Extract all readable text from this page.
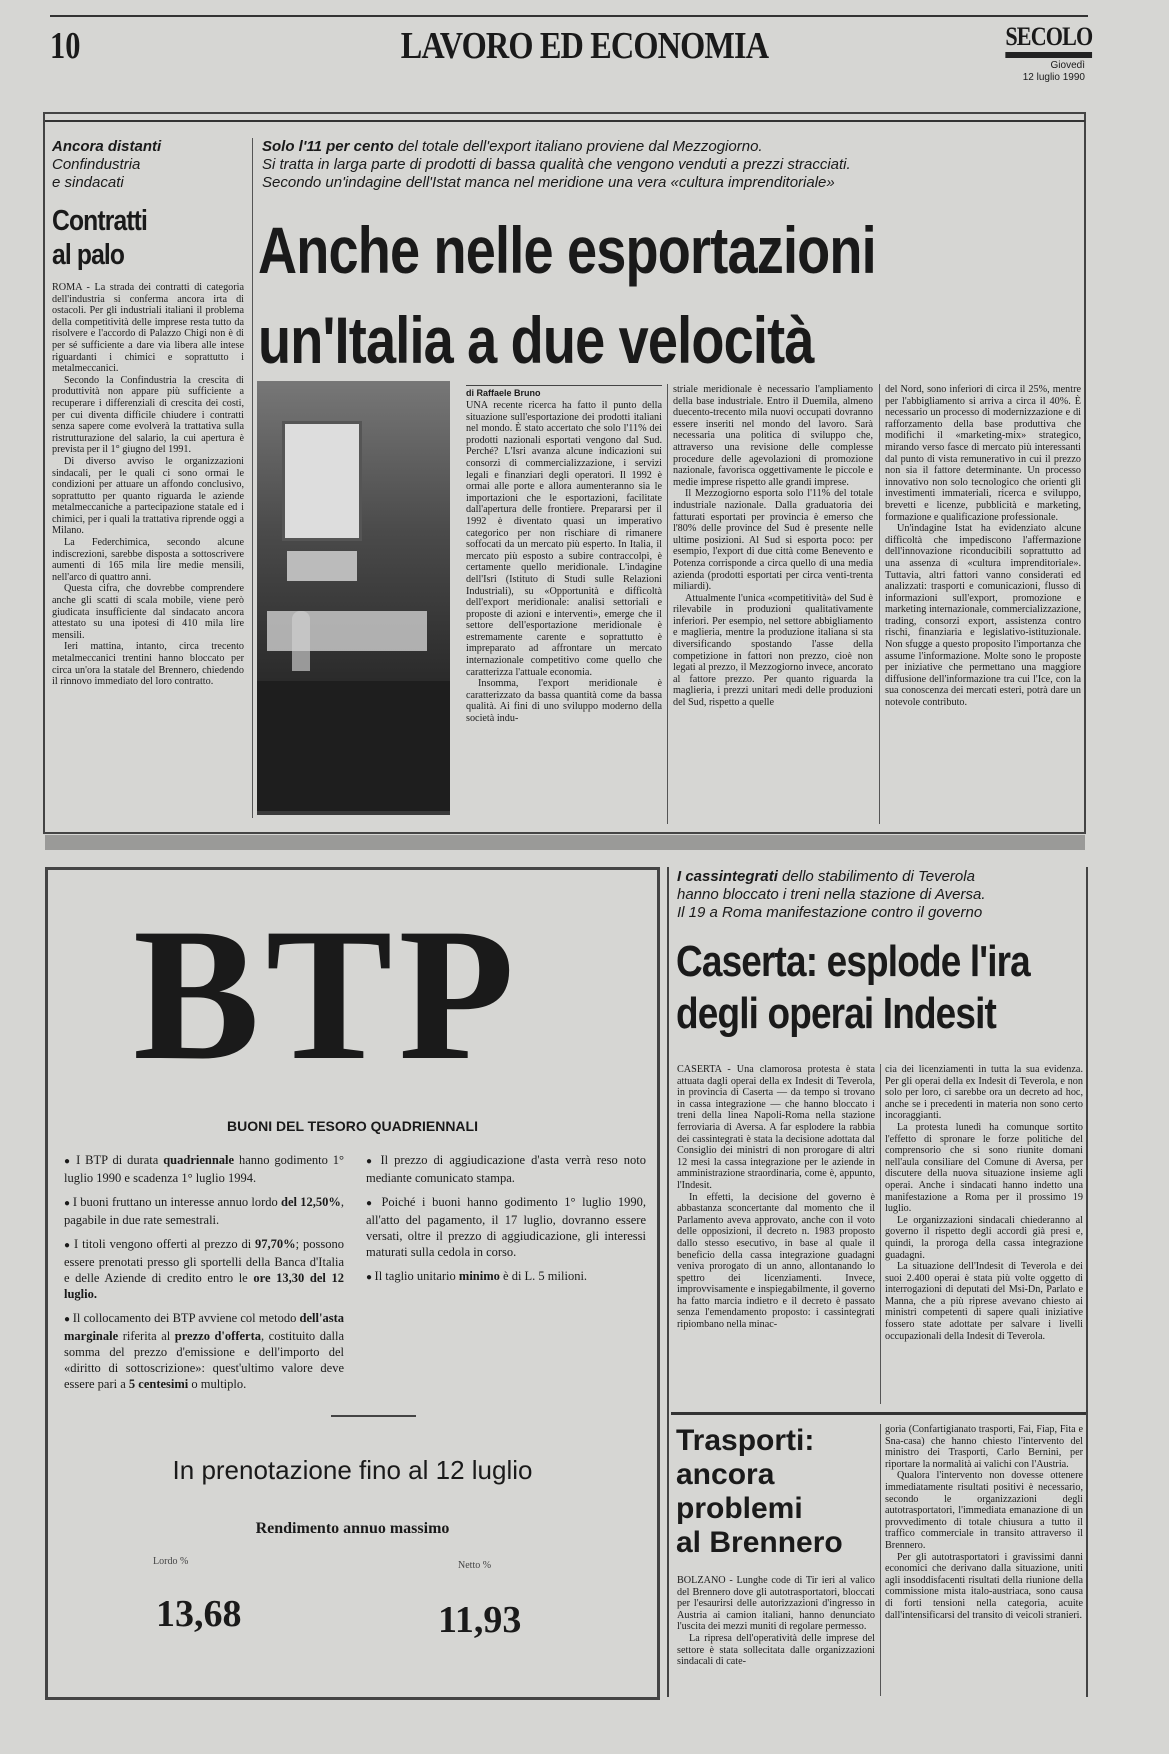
10	LAVORO ED ECONOMIA	SECOLO
Giovedì
12 luglio 1990
Ancora distanti
Confindustria
e sindacati
Contratti
al palo

ROMA - La strada dei contratti di categoria dell'industria si conferma ancora irta di ostacoli. Per gli industriali italiani il problema della competitività delle imprese resta tutto da risolvere e l'accordo di Palazzo Chigi non è di per sé sufficiente a dare via libera alle intese riguardanti i chimici e soprattutto i metalmeccanici.

Secondo la Confindustria la crescita di produttività non appare più sufficiente a recuperare i differenziali di crescita dei costi, per cui diventa difficile chiudere i contratti senza sapere come evolverà la trattativa sulla ristrutturazione del salario, la cui apertura è prevista per il 1° giugno del 1991.

Di diverso avviso le organizzazioni sindacali, per le quali ci sono ormai le condizioni per attuare un affondo conclusivo, soprattutto per quanto riguarda le aziende metalmeccaniche a partecipazione statale ed i chimici, per i quali la trattativa riprende oggi a Milano.

La Federchimica, secondo alcune indiscrezioni, sarebbe disposta a sottoscrivere aumenti di 165 mila lire medie mensili, nell'arco di quattro anni.

Questa cifra, che dovrebbe comprendere anche gli scatti di scala mobile, viene però giudicata insufficiente dal sindacato ancora attestato su una ipotesi di 410 mila lire mensili.

Ieri mattina, intanto, circa trecento metalmeccanici trentini hanno bloccato per circa un'ora la statale del Brennero, chiedendo il rinnovo immediato del loro contratto.

Solo l'11 per cento del totale dell'export italiano proviene dal Mezzogiorno.
Si tratta in larga parte di prodotti di bassa qualità che vengono venduti a prezzi stracciati.
Secondo un'indagine dell'Istat manca nel meridione una vera «cultura imprenditoriale»
Anche nelle esportazioni
un'Italia a due velocità
di Raffaele Bruno

UNA recente ricerca ha fatto il punto della situazione sull'esportazione dei prodotti italiani nel mondo. È stato accertato che solo l'11% dei prodotti nazionali esportati vengono dal Sud. Perché? L'Isri avanza alcune indicazioni sui consorzi di commercializzazione, i servizi legali e finanziari degli operatori. Il 1992 è ormai alle porte e allora aumenteranno sia le importazioni che le esportazioni, facilitate dall'apertura delle frontiere. Prepararsi per il 1992 è diventato quasi un imperativo categorico per non rischiare di rimanere soffocati da un mercato più esperto. In Italia, il mercato più esposto a subire contraccolpi, è certamente quello meridionale. L'indagine dell'Isri (Istituto di Studi sulle Relazioni Industriali), su «Opportunità e difficoltà dell'export meridionale: analisi settoriali e proposte di azioni e interventi», emerge che il settore dell'esportazione meridionale è estremamente carente e soprattutto è impreparato ad affrontare un mercato internazionale competitivo come quello che caratterizza l'attuale economia.

Insomma, l'export meridionale è caratterizzato da bassa quantità come da bassa qualità. Ai fini di uno sviluppo moderno della società indu-

striale meridionale è necessario l'ampliamento della base industriale. Entro il Duemila, almeno duecento-trecento mila nuovi occupati dovranno essere inseriti nel mondo del lavoro. Sarà necessaria una politica di sviluppo che, attraverso una revisione delle complesse procedure delle agevolazioni di promozione nazionale, favorisca oggettivamente le piccole e medie imprese rispetto alle grandi imprese.

Il Mezzogiorno esporta solo l'11% del totale industriale nazionale. Dalla graduatoria dei fatturati esportati per provincia è emerso che l'80% delle province del Sud è presente nelle ultime posizioni. Al Sud si esporta poco: per esempio, l'export di due città come Benevento e Potenza corrisponde a circa quello di una media azienda (prodotti esportati per circa venti-trenta miliardi).

Attualmente l'unica «competitività» del Sud è rilevabile in produzioni qualitativamente inferiori. Per esempio, nel settore abbigliamento e maglieria, mentre la produzione italiana si sta diversificando spostando l'asse della competizione in fattori non prezzo, cioè non legati al prezzo, il Mezzogiorno invece, ancorato al fattore prezzo. Per quanto riguarda la maglieria, i prezzi unitari medi delle produzioni del Sud, rispetto a quelle

del Nord, sono inferiori di circa il 25%, mentre per l'abbigliamento si arriva a circa il 40%. È necessario un processo di modernizzazione e di rafforzamento della base produttiva che modifichi il «marketing-mix» strategico, mirando verso fasce di mercato più interessanti dal punto di vista remunerativo in cui il prezzo non sia il fattore determinante. Un processo innovativo non solo tecnologico che orienti gli investimenti immateriali, ricerca e sviluppo, brevetti e licenze, pubblicità e marketing, formazione e qualificazione professionale.

Un'indagine Istat ha evidenziato alcune difficoltà che impediscono l'affermazione dell'innovazione riconducibili soprattutto ad una assenza di «cultura imprenditoriale». Tuttavia, altri fattori vanno considerati ed analizzati: trasporti e comunicazioni, flusso di informazioni sull'export, promozione e marketing internazionale, commercializzazione, trading, consorzi export, assistenza contro rischi, finanziaria e legislativo-istituzionale. Non sfugge a questo proposito l'importanza che assume l'informazione. Molte sono le proposte per iniziative che permettano una maggiore diffusione dell'informazione tra cui l'Ice, con la sua conoscenza dei mercati esteri, potrà dare un notevole contributo.

BTP
BUONI DEL TESORO QUADRIENNALI
● I BTP di durata quadriennale hanno godimento 1° luglio 1990 e scadenza 1° luglio 1994.
● I buoni fruttano un interesse annuo lordo del 12,50%, pagabile in due rate semestrali.
● I titoli vengono offerti al prezzo di 97,70%; possono essere prenotati presso gli sportelli della Banca d'Italia e delle Aziende di credito entro le ore 13,30 del 12 luglio.
● Il collocamento dei BTP avviene col metodo dell'asta marginale riferita al prezzo d'offerta, costituito dalla somma del prezzo d'emissione e dell'importo del «diritto di sottoscrizione»: quest'ultimo valore deve essere pari a 5 centesimi o multiplo.
● Il prezzo di aggiudicazione d'asta verrà reso noto mediante comunicato stampa.
● Poiché i buoni hanno godimento 1° luglio 1990, all'atto del pagamento, il 17 luglio, dovranno essere versati, oltre il prezzo di aggiudicazione, gli interessi maturati sulla cedola in corso.
● Il taglio unitario minimo è di L. 5 milioni.
In prenotazione fino al 12 luglio
Rendimento annuo massimo
Lordo %	Netto %
13,68	11,93
I cassintegrati dello stabilimento di Teverola
hanno bloccato i treni nella stazione di Aversa.
Il 19 a Roma manifestazione contro il governo
Caserta: esplode l'ira
degli operai Indesit

CASERTA - Una clamorosa protesta è stata attuata dagli operai della ex Indesit di Teverola, in provincia di Caserta — da tempo si trovano in cassa integrazione — che hanno bloccato i treni della linea Napoli-Roma nella stazione ferroviaria di Aversa. A far esplodere la rabbia dei cassintegrati è stata la decisione adottata dal Consiglio dei ministri di non prorogare di altri 12 mesi la cassa integrazione per le aziende in amministrazione straordinaria, come è, appunto, l'Indesit.

In effetti, la decisione del governo è abbastanza sconcertante dal momento che il Parlamento aveva approvato, anche con il voto delle opposizioni, il decreto n. 1983 proposto dallo stesso esecutivo, in base al quale il beneficio della cassa integrazione guadagni veniva prorogato di un anno, allontanando lo spettro dei licenziamenti. Invece, improvvisamente e inspiegabilmente, il governo ha fatto marcia indietro e il decreto è passato senza l'emendamento proposto: i cassintegrati ripiombano nella minac-

cia dei licenziamenti in tutta la sua evidenza. Per gli operai della ex Indesit di Teverola, e non solo per loro, ci sarebbe ora un decreto ad hoc, anche se i precedenti in materia non sono certo incoraggianti.

La protesta lunedì ha comunque sortito l'effetto di spronare le forze politiche del comprensorio che si sono riunite domani nell'aula consiliare del Comune di Aversa, per discutere della nuova situazione insieme agli operai. Anche i sindacati hanno indetto una manifestazione a Roma per il prossimo 19 luglio.

Le organizzazioni sindacali chiederanno al governo il rispetto degli accordi già presi e, quindi, la proroga della cassa integrazione guadagni.

La situazione dell'Indesit di Teverola e dei suoi 2.400 operai è stata più volte oggetto di interrogazioni di deputati del Msi-Dn, Parlato e Manna, che a più riprese avevano chiesto ai ministri competenti di sapere quali iniziative fossero state adottate per salvare i livelli occupazionali della Indesit di Teverola.

Trasporti:
ancora
problemi
al Brennero

BOLZANO - Lunghe code di Tir ieri al valico del Brennero dove gli autotrasportatori, bloccati per l'esaurirsi delle autorizzazioni d'ingresso in Austria ai camion italiani, hanno denunciato l'uscita dei mezzi muniti di regolare permesso.

La ripresa dell'operatività delle imprese del settore è stata sollecitata dalle organizzazioni sindacali di cate-

goria (Confartigianato trasporti, Fai, Fiap, Fita e Sna-casa) che hanno chiesto l'intervento del ministro dei Trasporti, Carlo Bernini, per riportare la normalità ai valichi con l'Austria.

Qualora l'intervento non dovesse ottenere immediatamente risultati positivi è necessario, secondo le organizzazioni degli autotrasportatori, l'immediata emanazione di un provvedimento di totale chiusura a tutto il traffico commerciale in transito attraverso il Brennero.

Per gli autotrasportatori i gravissimi danni economici che derivano dalla situazione, uniti agli insoddisfacenti risultati della riunione della commissione mista italo-austriaca, sono causa di forti tensioni nella categoria, acuite dall'intensificarsi del transito di veicoli stranieri.
